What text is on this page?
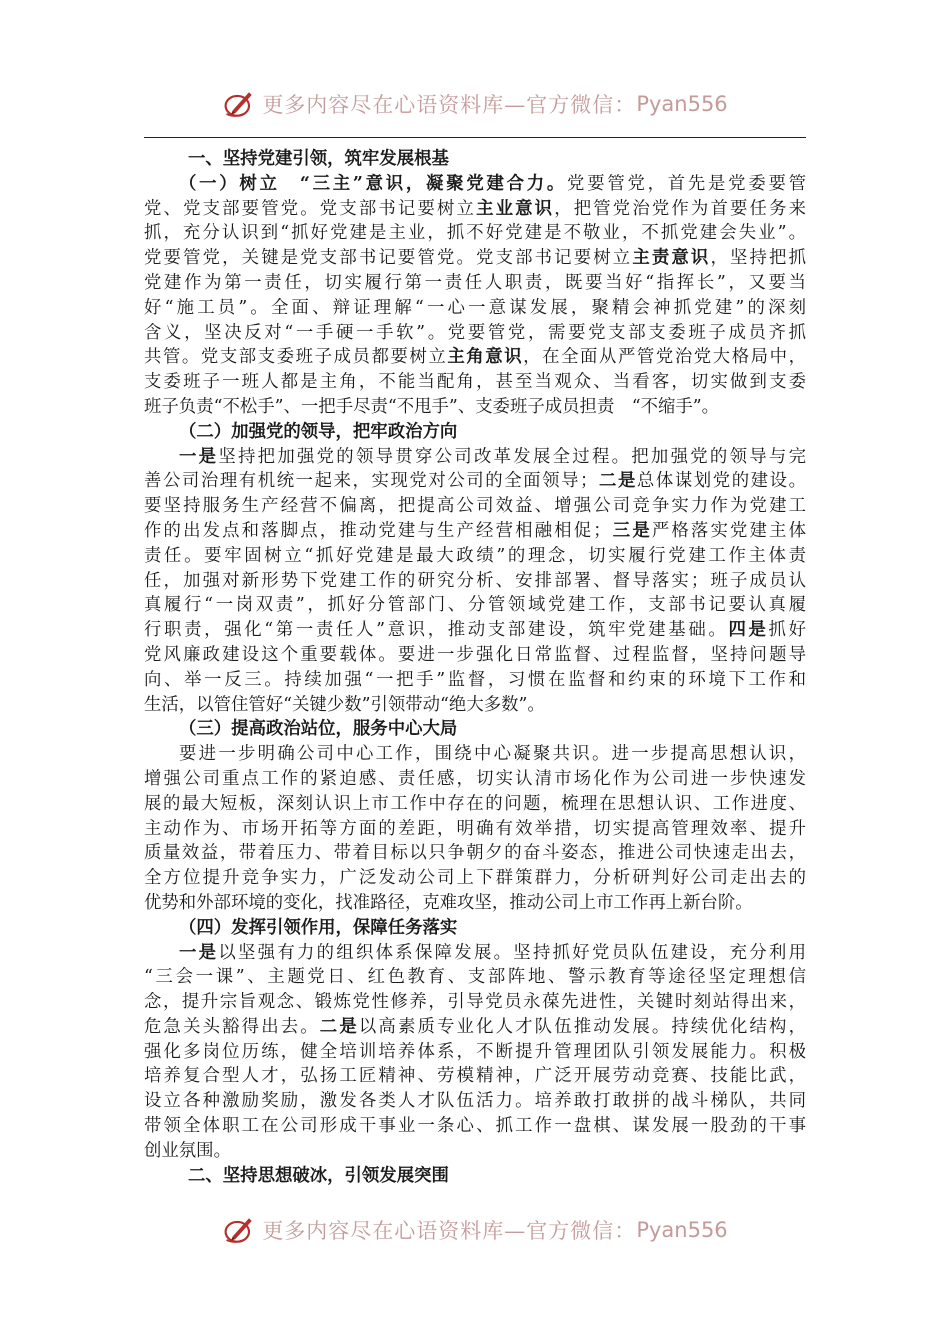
更多内容尽在心语资料库—官方微信： Pyan556
一、坚持党建引领，筑牢发展根基
（一）树立　“三主”意识，凝聚党建合力。党要管党，首先是党委要管
党、党支部要管党。党支部书记要树立主业意识，把管党治党作为首要任务来
抓，充分认识到“抓好党建是主业，抓不好党建是不敬业，不抓党建会失业”。
党要管党，关键是党支部书记要管党。党支部书记要树立主责意识，坚持把抓
党建作为第一责任，切实履行第一责任人职责，既要当好“指挥长”，又要当
好“施工员”。全面、辩证理解“一心一意谋发展，聚精会神抓党建”的深刻
含义，坚决反对“一手硬一手软”。党要管党，需要党支部支委班子成员齐抓
共管。党支部支委班子成员都要树立主角意识，在全面从严管党治党大格局中，
支委班子一班人都是主角，不能当配角，甚至当观众、当看客，切实做到支委
班子负责“不松手”、一把手尽责“不甩手”、支委班子成员担责　“不缩手”。
（二）加强党的领导，把牢政治方向
一是坚持把加强党的领导贯穿公司改革发展全过程。把加强党的领导与完
善公司治理有机统一起来，实现党对公司的全面领导；二是总体谋划党的建设。
要坚持服务生产经营不偏离，把提高公司效益、增强公司竞争实力作为党建工
作的出发点和落脚点，推动党建与生产经营相融相促；三是严格落实党建主体
责任。要牢固树立“抓好党建是最大政绩”的理念，切实履行党建工作主体责
任，加强对新形势下党建工作的研究分析、安排部署、督导落实；班子成员认
真履行“一岗双责”，抓好分管部门、分管领域党建工作，支部书记要认真履
行职责，强化“第一责任人”意识，推动支部建设，筑牢党建基础。四是抓好
党风廉政建设这个重要载体。要进一步强化日常监督、过程监督，坚持问题导
向、举一反三。持续加强“一把手”监督，习惯在监督和约束的环境下工作和
生活，以管住管好“关键少数”引领带动“绝大多数”。
（三）提高政治站位，服务中心大局
要进一步明确公司中心工作，围绕中心凝聚共识。进一步提高思想认识，
增强公司重点工作的紧迫感、责任感，切实认清市场化作为公司进一步快速发
展的最大短板，深刻认识上市工作中存在的问题，梳理在思想认识、工作进度、
主动作为、市场开拓等方面的差距，明确有效举措，切实提高管理效率、提升
质量效益，带着压力、带着目标以只争朝夕的奋斗姿态，推进公司快速走出去，
全方位提升竞争实力，广泛发动公司上下群策群力，分析研判好公司走出去的
优势和外部环境的变化，找准路径，克难攻坚，推动公司上市工作再上新台阶。
（四）发挥引领作用，保障任务落实
一是以坚强有力的组织体系保障发展。坚持抓好党员队伍建设，充分利用
“三会一课”、主题党日、红色教育、支部阵地、警示教育等途径坚定理想信
念，提升宗旨观念、锻炼党性修养，引导党员永葆先进性，关键时刻站得出来，
危急关头豁得出去。二是以高素质专业化人才队伍推动发展。持续优化结构，
强化多岗位历练，健全培训培养体系，不断提升管理团队引领发展能力。积极
培养复合型人才，弘扬工匠精神、劳模精神，广泛开展劳动竞赛、技能比武，
设立各种激励奖励，激发各类人才队伍活力。培养敢打敢拼的战斗梯队，共同
带领全体职工在公司形成干事业一条心、抓工作一盘棋、谋发展一股劲的干事
创业氛围。
二、坚持思想破冰，引领发展突围
更多内容尽在心语资料库—官方微信： Pyan556
